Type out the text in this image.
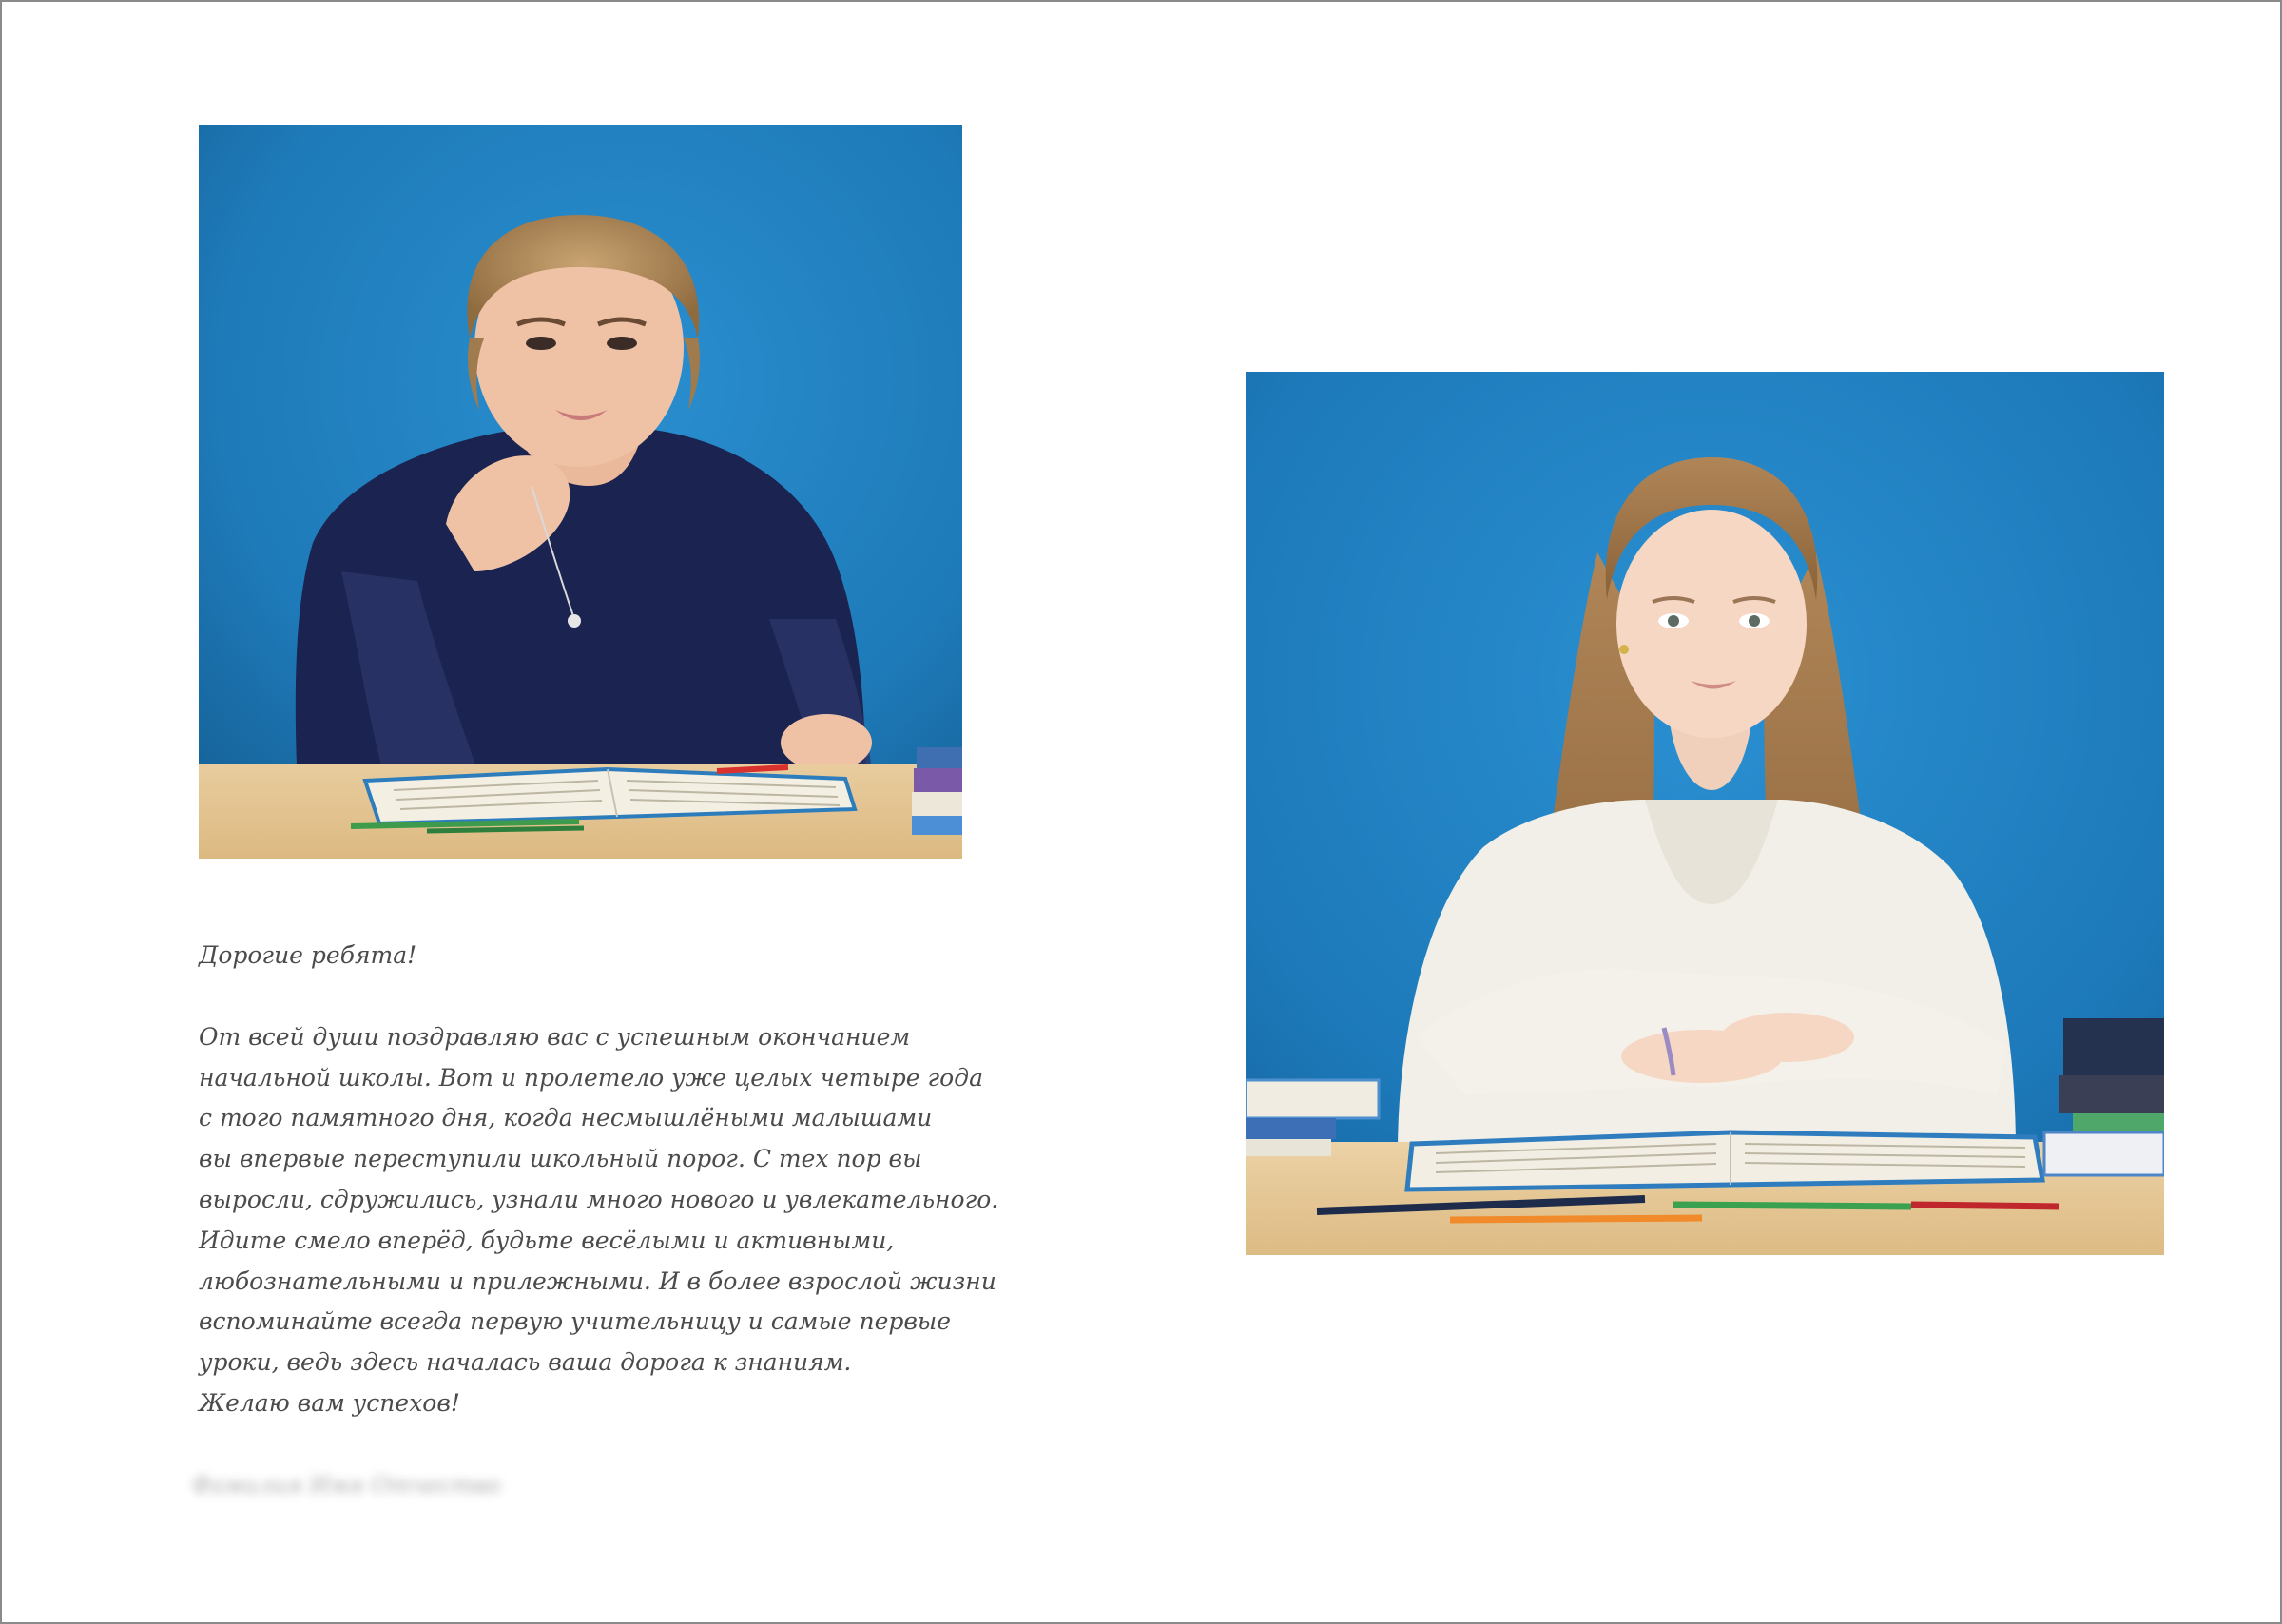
Дорогие ребята!

От всей души поздравляю вас с успешным окончанием
начальной школы. Вот и пролетело уже целых четыре года
с того памятного дня, когда несмышлёными малышами
вы впервые переступили школьный порог. С тех пор вы
выросли, сдружились, узнали много нового и увлекательного.
Идите смело вперёд, будьте весёлыми и активными,
любознательными и прилежными. И в более взрослой жизни
вспоминайте всегда первую учительницу и самые первые
уроки, ведь здесь началась ваша дорога к знаниям.
Желаю вам успехов!

Фамилия Имя Отчество
